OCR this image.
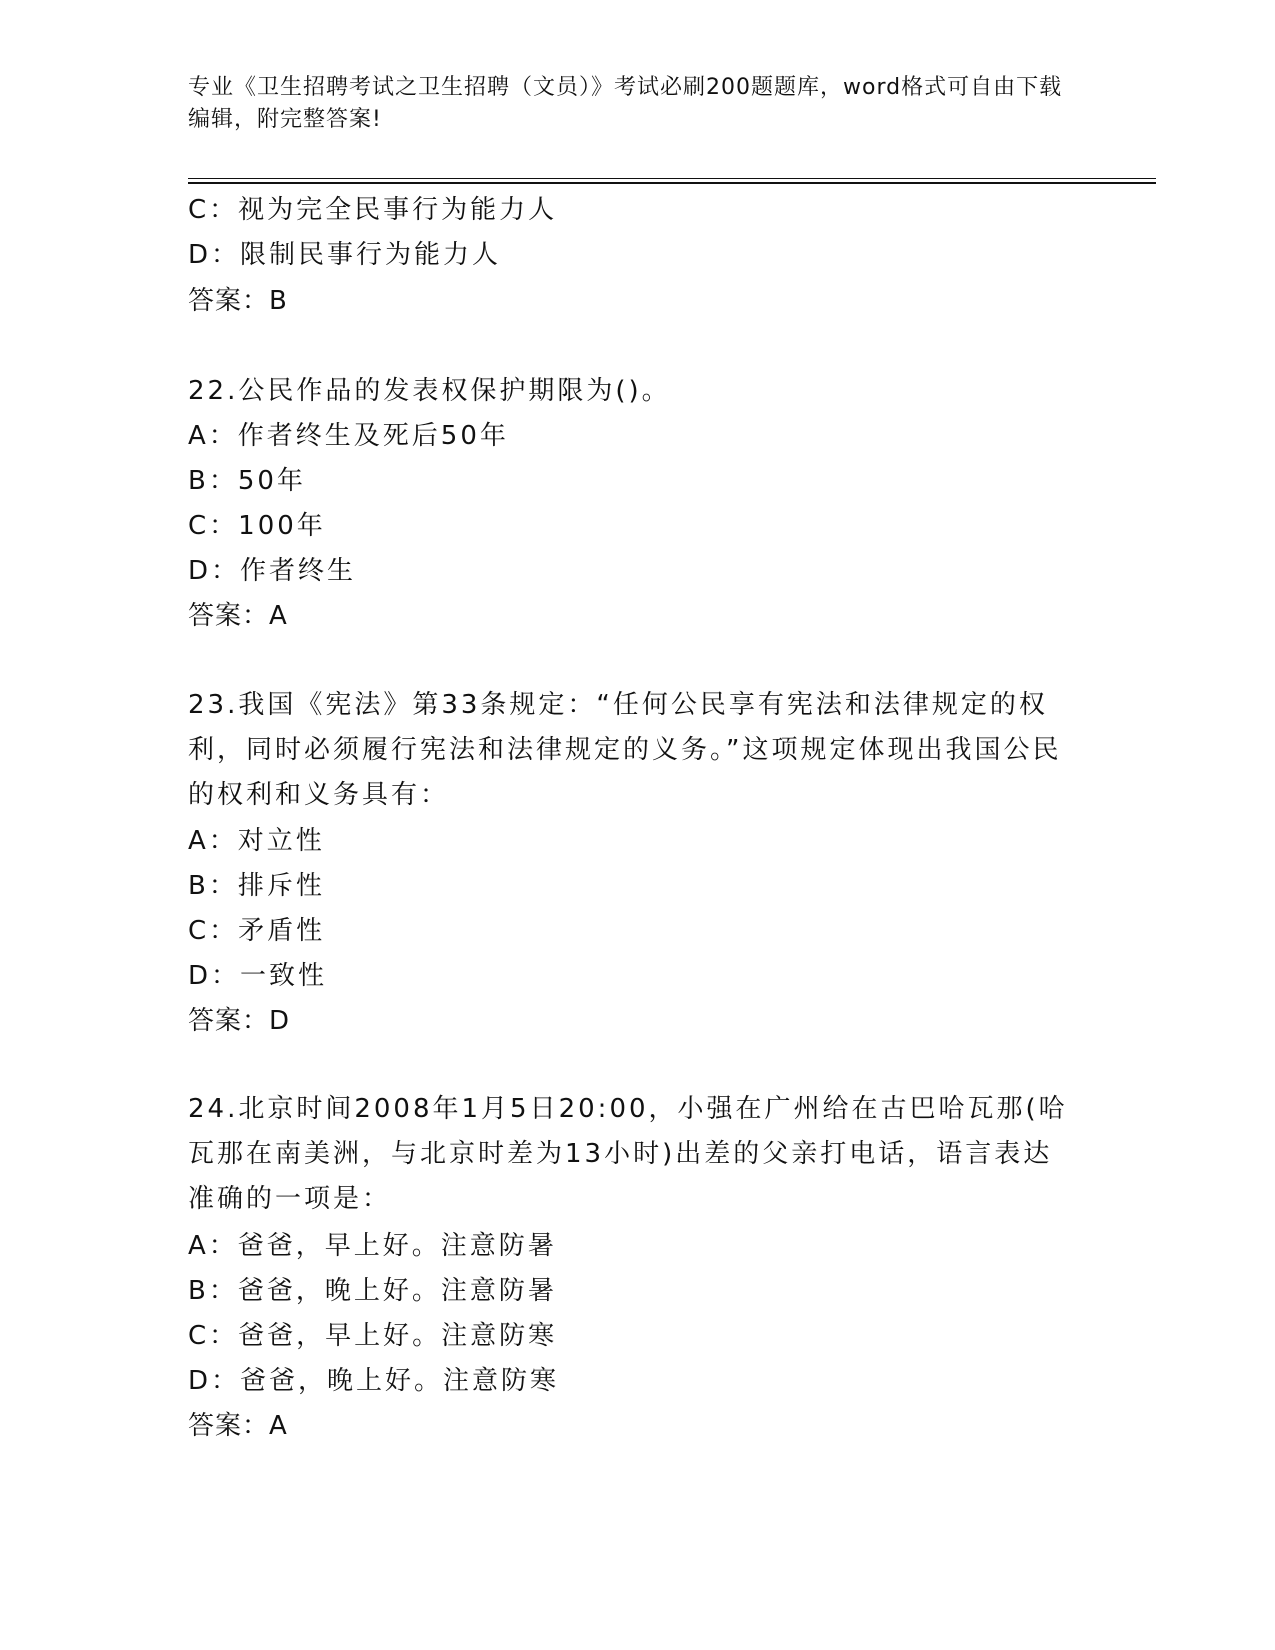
专业《卫生招聘考试之卫生招聘（文员）》考试必刷200题题库，word格式可自由下载编辑，附完整答案!
C：视为完全民事行为能力人
D：限制民事行为能力人
答案：B
22.公民作品的发表权保护期限为()。
A：作者终生及死后50年
B：50年
C：100年
D：作者终生
答案：A
23.我国《宪法》第33条规定：“任何公民享有宪法和法律规定的权利，同时必须履行宪法和法律规定的义务。”这项规定体现出我国公民的权利和义务具有：
A：对立性
B：排斥性
C：矛盾性
D：一致性
答案：D
24.北京时间2008年1月5日20:00，小强在广州给在古巴哈瓦那(哈瓦那在南美洲，与北京时差为13小时)出差的父亲打电话，语言表达准确的一项是：
A：爸爸，早上好。注意防暑
B：爸爸，晚上好。注意防暑
C：爸爸，早上好。注意防寒
D：爸爸，晚上好。注意防寒
答案：A
